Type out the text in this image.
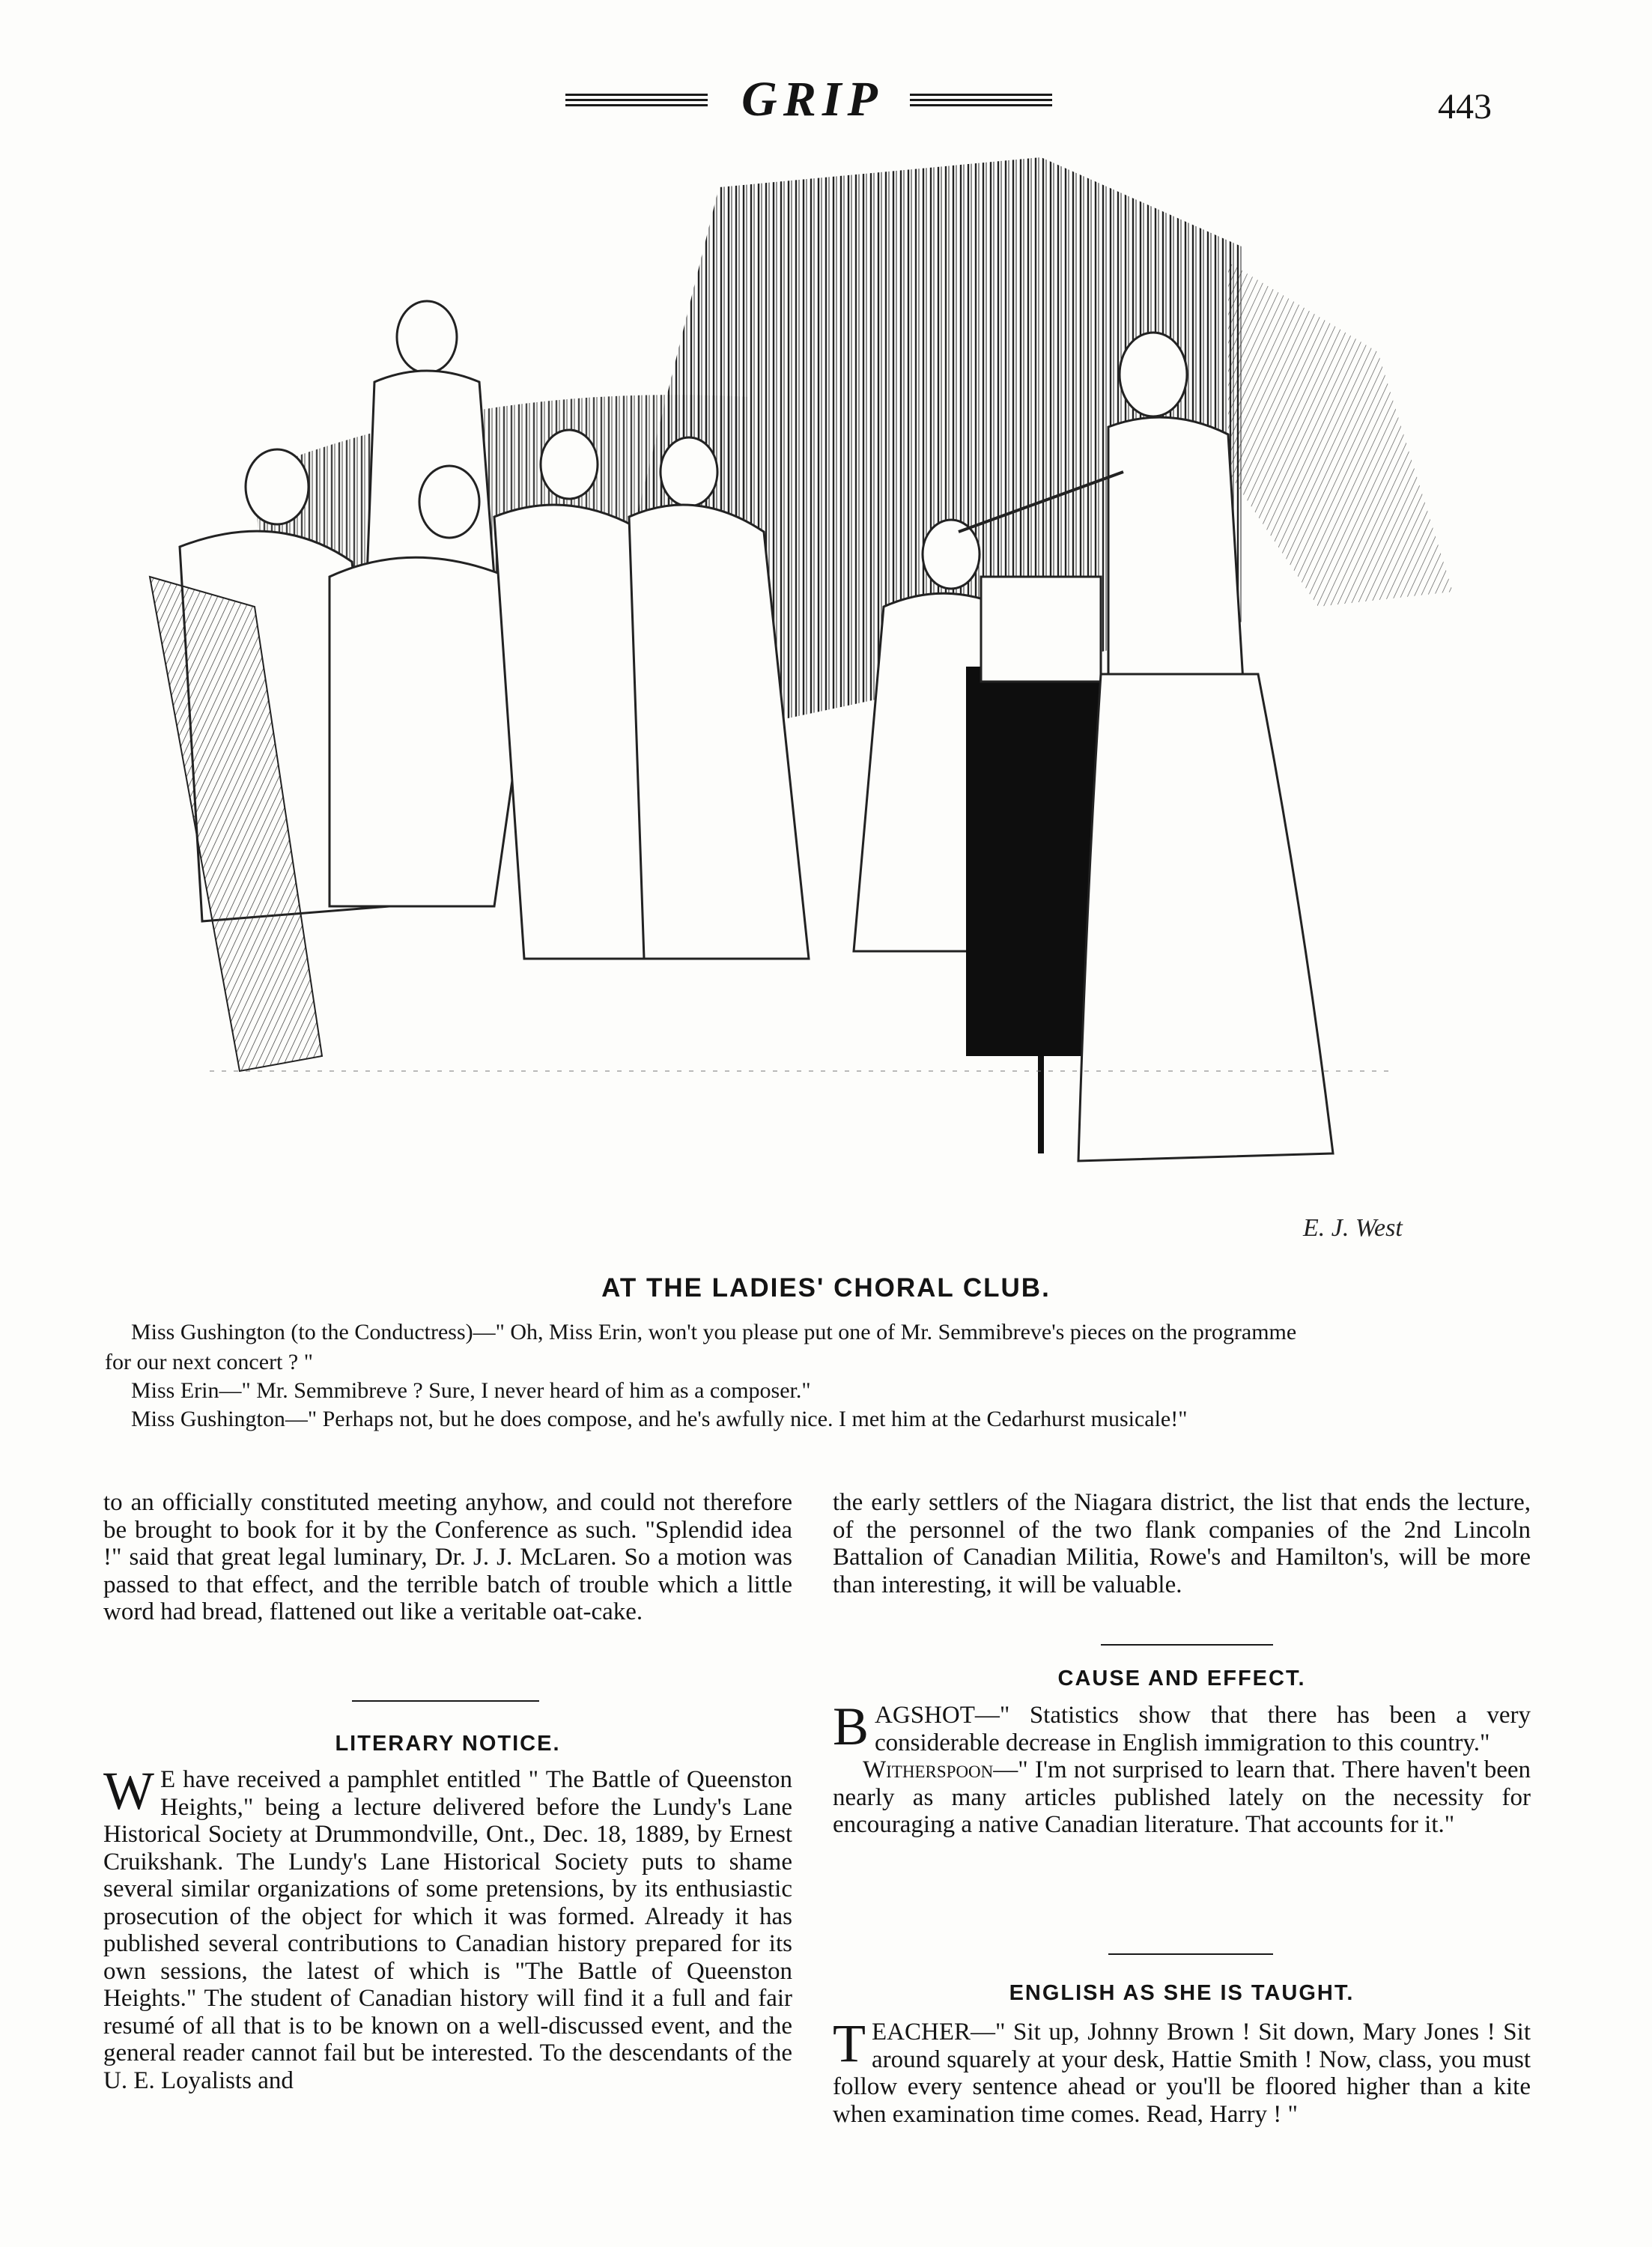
GRIP	443
E. J. West
AT THE LADIES' CHORAL CLUB.
Miss Gushington (to the Conductress)—" Oh, Miss Erin, won't you please put one of Mr. Semmibreve's pieces on the programme
for our next concert ? "
Miss Erin—" Mr. Semmibreve ? Sure, I never heard of him as a composer."
Miss Gushington—" Perhaps not, but he does compose, and he's awfully nice. I met him at the Cedarhurst musicale!"

to an officially constituted meeting anyhow, and could not therefore be brought to book for it by the Conference as such. "Splendid idea !" said that great legal luminary, Dr. J. J. McLaren. So a motion was passed to that effect, and the terrible batch of trouble which a little word had bread, flattened out like a veritable oat-cake.

LITERARY NOTICE.

W E have received a pamphlet entitled " The Battle of Queenston Heights," being a lecture delivered before the Lundy's Lane Historical Society at Drummondville, Ont., Dec. 18, 1889, by Ernest Cruikshank. The Lundy's Lane Historical Society puts to shame several similar organizations of some pretensions, by its enthusiastic prosecution of the object for which it was formed. Already it has published several contributions to Canadian history prepared for its own sessions, the latest of which is "The Battle of Queenston Heights." The student of Canadian history will find it a full and fair resumé of all that is to be known on a well-discussed event, and the general reader cannot fail but be interested. To the descendants of the U. E. Loyalists and

the early settlers of the Niagara district, the list that ends the lecture, of the personnel of the two flank companies of the 2nd Lincoln Battalion of Canadian Militia, Rowe's and Hamilton's, will be more than interesting, it will be valuable.

CAUSE AND EFFECT.

BAGSHOT—" Statistics show that there has been a very considerable decrease in English immigration to this country."

Witherspoon—" I'm not surprised to learn that. There haven't been nearly as many articles published lately on the necessity for encouraging a native Canadian literature. That accounts for it."

ENGLISH AS SHE IS TAUGHT.

TEACHER—" Sit up, Johnny Brown ! Sit down, Mary Jones ! Sit around squarely at your desk, Hattie Smith ! Now, class, you must follow every sentence ahead or you'll be floored higher than a kite when examination time comes. Read, Harry ! "
